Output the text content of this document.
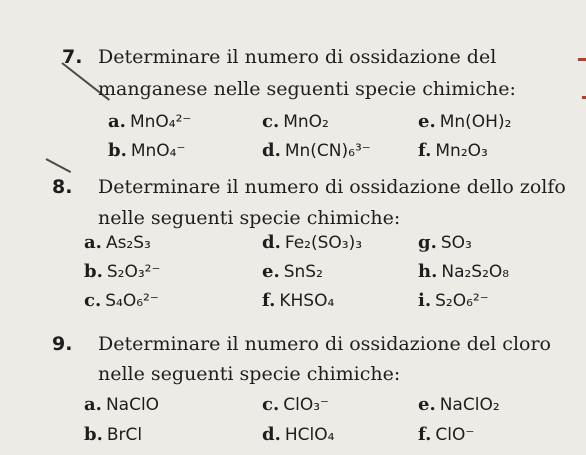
7. Determinare il numero di ossidazione del
manganese nelle seguenti specie chimiche:
a. MnO₄²⁻	c. MnO₂	e. Mn(OH)₂
b. MnO₄⁻	d. Mn(CN)₆³⁻	f. Mn₂O₃
8. Determinare il numero di ossidazione dello zolfo
nelle seguenti specie chimiche:
a. As₂S₃	d. Fe₂(SO₃)₃	g. SO₃
b. S₂O₃²⁻	e. SnS₂	h. Na₂S₂O₈
c. S₄O₆²⁻	f. KHSO₄	i. S₂O₆²⁻
9. Determinare il numero di ossidazione del cloro
nelle seguenti specie chimiche:
a. NaClO	c. ClO₃⁻	e. NaClO₂
b. BrCl	d. HClO₄	f. ClO⁻
